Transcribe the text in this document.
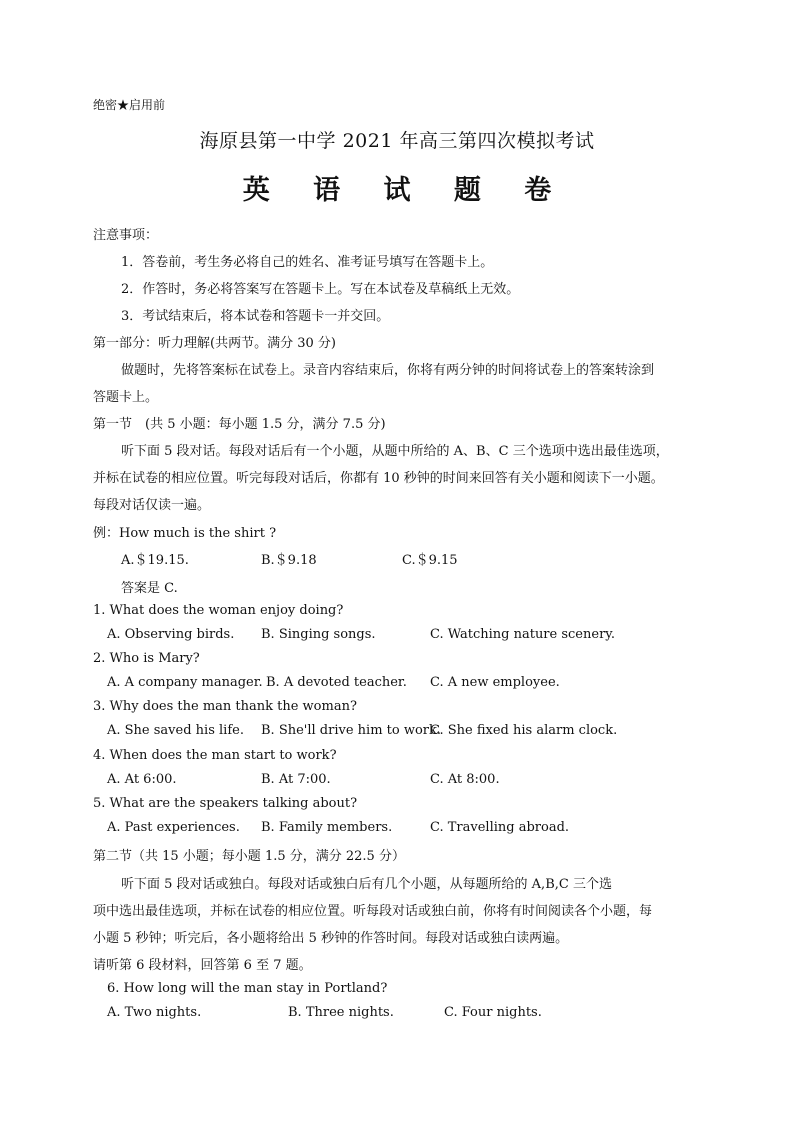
绝密★启用前
海原县第一中学 2021 年高三第四次模拟考试
英 语 试 题 卷
注意事项：
1．答卷前，考生务必将自己的姓名、准考证号填写在答题卡上。
2．作答时，务必将答案写在答题卡上。写在本试卷及草稿纸上无效。
3．考试结束后，将本试卷和答题卡一并交回。
第一部分：听力理解(共两节。满分 30 分)
做题时，先将答案标在试卷上。录音内容结束后，你将有两分钟的时间将试卷上的答案转涂到
答题卡上。
第一节　(共 5 小题：每小题 1.5 分，满分 7.5 分)
听下面 5 段对话。每段对话后有一个小题，从题中所给的 A、B、C 三个选项中选出最佳选项，
并标在试卷的相应位置。听完每段对话后，你都有 10 秒钟的时间来回答有关小题和阅读下一小题。
每段对话仅读一遍。
例：How much is the shirt ?
A.＄19.15.	B.＄9.18	C.＄9.15
答案是 C.
1. What does the woman enjoy doing?
A. Observing birds. B. Singing songs.	C. Watching nature scenery.
2. Who is Mary?
A. A company manager. B. A devoted teacher. C. A new employee.
3. Why does the man thank the woman?
A. She saved his life. B. She'll drive him to work.
C. She fixed his alarm clock.
4. When does the man start to work?
A. At 6:00.	B. At 7:00.	C. At 8:00.
5. What are the speakers talking about?
A. Past experiences. B. Family members.	C. Travelling abroad.
第二节（共 15 小题；每小题 1.5 分，满分 22.5 分）
听下面 5 段对话或独白。每段对话或独白后有几个小题，从每题所给的 A,B,C 三个选
项中选出最佳选项，并标在试卷的相应位置。听每段对话或独白前，你将有时间阅读各个小题，每
小题 5 秒钟；听完后，各小题将给出 5 秒钟的作答时间。每段对话或独白读两遍。
请听第 6 段材料，回答第 6 至 7 题。
6. How long will the man stay in Portland?
A. Two nights.	B. Three nights.	C. Four nights.
